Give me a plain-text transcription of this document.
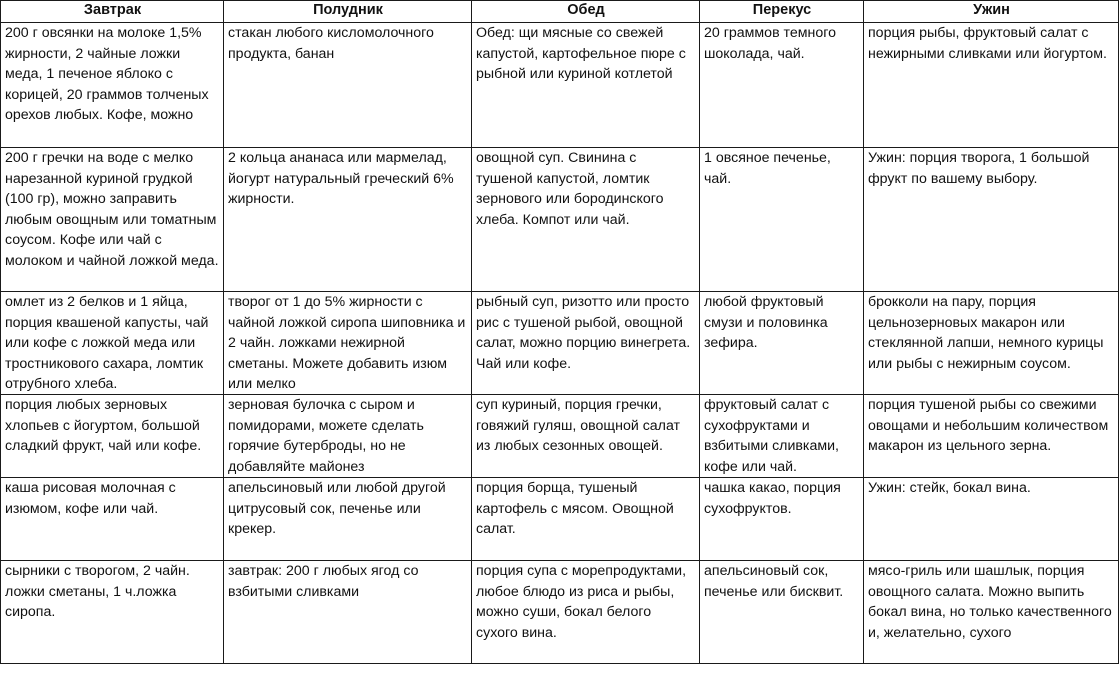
Завтрак	Полудник	Обед	Перекус	Ужин

200 г овсянки на молоке 1,5% жирности, 2 чайные ложки меда, 1 печеное яблоко с корицей, 20 граммов толченых орехов любых. Кофе, можно	стакан любого кисломолочного продукта, банан	Обед: щи мясные со свежей капустой, картофельное пюре с рыбной или куриной котлетой	20 граммов темного шоколада, чай.	порция рыбы, фруктовый салат с нежирными сливками или йогуртом.

200 г гречки на воде с мелко нарезанной куриной грудкой (100 гр), можно заправить любым овощным или томатным соусом. Кофе или чай с молоком и чайной ложкой меда.	2 кольца ананаса или мармелад, йогурт натуральный греческий 6% жирности.	овощной суп. Свинина с тушеной капустой, ломтик зернового или бородинского хлеба. Компот или чай.	1 овсяное печенье, чай.	Ужин: порция творога, 1 большой фрукт по вашему выбору.

омлет из 2 белков и 1 яйца, порция квашеной капусты, чай или кофе с ложкой меда или тростникового сахара, ломтик отрубного хлеба.	творог от 1 до 5% жирности с чайной ложкой сиропа шиповника и 2 чайн. ложками нежирной сметаны. Можете добавить изюм или мелко	рыбный суп, ризотто или просто рис с тушеной рыбой, овощной салат, можно порцию винегрета. Чай или кофе.	любой фруктовый смузи и половинка зефира.	брокколи на пару, порция цельнозерновых макарон или стеклянной лапши, немного курицы или рыбы с нежирным соусом.

порция любых зерновых хлопьев с йогуртом, большой сладкий фрукт, чай или кофе.	зерновая булочка с сыром и помидорами, можете сделать горячие бутерброды, но не добавляйте майонез	суп куриный, порция гречки, говяжий гуляш, овощной салат из любых сезонных овощей.	фруктовый салат с сухофруктами и взбитыми сливками, кофе или чай.	порция тушеной рыбы со свежими овощами и небольшим количеством макарон из цельного зерна.

каша рисовая молочная с изюмом, кофе или чай.	апельсиновый или любой другой цитрусовый сок, печенье или крекер.	порция борща, тушеный картофель с мясом. Овощной салат.	чашка какао, порция сухофруктов.	Ужин: стейк, бокал вина.

сырники с творогом, 2 чайн. ложки сметаны, 1 ч.ложка сиропа.	завтрак: 200 г любых ягод со взбитыми сливками	порция супа с морепродуктами, любое блюдо из риса и рыбы, можно суши, бокал белого сухого вина.	апельсиновый сок, печенье или бисквит.	мясо-гриль или шашлык, порция овощного салата. Можно выпить бокал вина, но только качественного и, желательно, сухого
